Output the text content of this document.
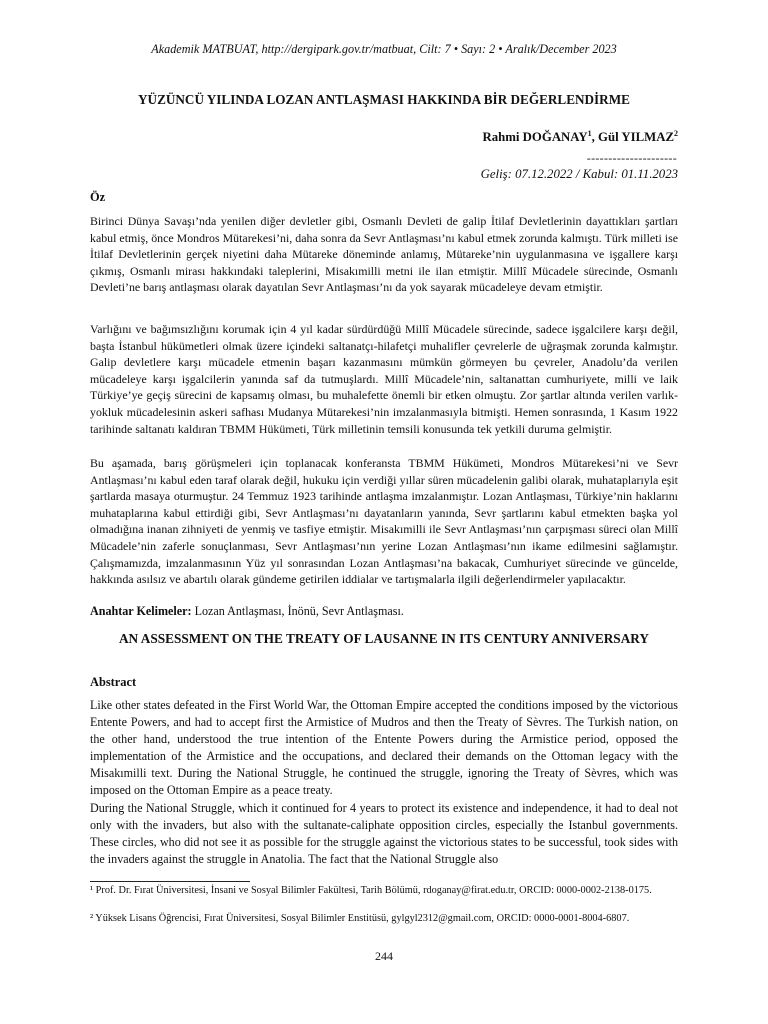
Akademik MATBUAT, http://dergipark.gov.tr/matbuat, Cilt: 7 • Sayı: 2 • Aralık/December 2023
YÜZÜNCÜ YILINDA LOZAN ANTLAŞMASI HAKKINDA BİR DEĞERLENDİRME
Rahmi DOĞANAY$^1$, Gül YILMAZ$^2$
---------------------
Geliş: 07.12.2022 / Kabul: 01.11.2023
Öz

Birinci Dünya Savaşı’nda yenilen diğer devletler gibi, Osmanlı Devleti de galip İtilaf Devletlerinin dayattıkları şartları kabul etmiş, önce Mondros Mütarekesi’ni, daha sonra da Sevr Antlaşması’nı kabul etmek zorunda kalmıştı. Türk milleti ise İtilaf Devletlerinin gerçek niyetini daha Mütareke döneminde anlamış, Mütareke’nin uygulanmasına ve işgallere karşı çıkmış, Osmanlı mirası hakkındaki taleplerini, Misakımilli metni ile ilan etmiştir. Millî Mücadele sürecinde, Osmanlı Devleti’ne barış antlaşması olarak dayatılan Sevr Antlaşması’nı da yok sayarak mücadeleye devam etmiştir.

Varlığını ve bağımsızlığını korumak için 4 yıl kadar sürdürdüğü Millî Mücadele sürecinde, sadece işgalcilere karşı değil, başta İstanbul hükümetleri olmak üzere içindeki saltanatçı-hilafetçi muhalifler çevrelerle de uğraşmak zorunda kalmıştır. Galip devletlere karşı mücadele etmenin başarı kazanmasını mümkün görmeyen bu çevreler, Anadolu’da verilen mücadeleye karşı işgalcilerin yanında saf da tutmuşlardı. Millî Mücadele’nin, saltanattan cumhuriyete, milli ve laik Türkiye’ye geçiş sürecini de kapsamış olması, bu muhalefette önemli bir etken olmuştu. Zor şartlar altında verilen varlık-yokluk mücadelesinin askeri safhası Mudanya Mütarekesi’nin imzalanmasıyla bitmişti. Hemen sonrasında, 1 Kasım 1922 tarihinde saltanatı kaldıran TBMM Hükümeti, Türk milletinin temsili konusunda tek yetkili duruma gelmiştir.

Bu aşamada, barış görüşmeleri için toplanacak konferansta TBMM Hükümeti, Mondros Mütarekesi’ni ve Sevr Antlaşması’nı kabul eden taraf olarak değil, hukuku için verdiği yıllar süren mücadelenin galibi olarak, muhataplarıyla eşit şartlarda masaya oturmuştur. 24 Temmuz 1923 tarihinde antlaşma imzalanmıştır. Lozan Antlaşması, Türkiye’nin haklarını muhataplarına kabul ettirdiği gibi, Sevr Antlaşması’nı dayatanların yanında, Sevr şartlarını kabul etmekten başka yol olmadığına inanan zihniyeti de yenmiş ve tasfiye etmiştir. Misakımilli ile Sevr Antlaşması’nın çarpışması süreci olan Millî Mücadele’nin zaferle sonuçlanması, Sevr Antlaşması’nın yerine Lozan Antlaşması’nın ikame edilmesini sağlamıştır. Çalışmamızda, imzalanmasının Yüz yıl sonrasından Lozan Antlaşması’na bakacak, Cumhuriyet sürecinde ve güncelde, hakkında asılsız ve abartılı olarak gündeme getirilen iddialar ve tartışmalarla ilgili değerlendirmeler yapılacaktır.

Anahtar Kelimeler: Lozan Antlaşması, İnönü, Sevr Antlaşması.
AN ASSESSMENT ON THE TREATY OF LAUSANNE IN ITS CENTURY ANNIVERSARY
Abstract

Like other states defeated in the First World War, the Ottoman Empire accepted the conditions imposed by the victorious Entente Powers, and had to accept first the Armistice of Mudros and then the Treaty of Sèvres. The Turkish nation, on the other hand, understood the true intention of the Entente Powers during the Armistice period, opposed the implementation of the Armistice and the occupations, and declared their demands on the Ottoman legacy with the Misakımilli text. During the National Struggle, he continued the struggle, ignoring the Treaty of Sèvres, which was imposed on the Ottoman Empire as a peace treaty.

During the National Struggle, which it continued for 4 years to protect its existence and independence, it had to deal not only with the invaders, but also with the sultanate-caliphate opposition circles, especially the Istanbul governments. These circles, who did not see it as possible for the struggle against the victorious states to be successful, took sides with the invaders against the struggle in Anatolia. The fact that the National Struggle also

¹ Prof. Dr. Fırat Üniversitesi, İnsani ve Sosyal Bilimler Fakültesi, Tarih Bölümü, rdoganay@firat.edu.tr, ORCID: 0000-0002-2138-0175.

² Yüksek Lisans Öğrencisi, Fırat Üniversitesi, Sosyal Bilimler Enstitüsü, gylgyl2312@gmail.com, ORCID: 0000-0001-8004-6807.

244
